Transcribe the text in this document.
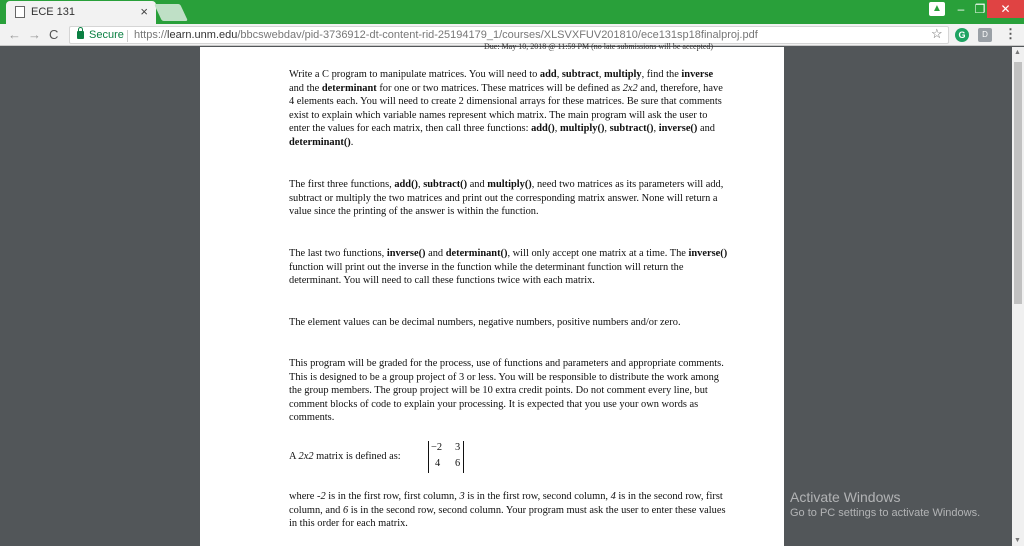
ECE 131	×	▲	– ❐	✕
← → C	Secure https://learn.unm.edu/bbcswebdav/pid-3736912-dt-content-rid-25194179_1/courses/XLSVXFUV201810/ece131sp18finalproj.pdf	☆	G	D	⋮
Due: May 10, 2018 @ 11:59 PM (no late submissions will be accepted)
Write a C program to manipulate matrices. You will need to add, subtract, multiply, find the inverse and the determinant for one or two matrices. These matrices will be defined as 2x2 and, therefore, have 4 elements each. You will need to create 2 dimensional arrays for these matrices. Be sure that comments exist to explain which variable names represent which matrix. The main program will ask the user to enter the values for each matrix, then call three functions: add(), multiply(), subtract(), inverse() and determinant().
The first three functions, add(), subtract() and multiply(), need two matrices as its parameters will add, subtract or multiply the two matrices and print out the corresponding matrix answer. None will return a value since the printing of the answer is within the function.
The last two functions, inverse() and determinant(), will only accept one matrix at a time. The inverse() function will print out the inverse in the function while the determinant function will return the determinant. You will need to call these functions twice with each matrix.
The element values can be decimal numbers, negative numbers, positive numbers and/or zero.
This program will be graded for the process, use of functions and parameters and appropriate comments. This is designed to be a group project of 3 or less. You will be responsible to distribute the work among the group members. The group project will be 10 extra credit points. Do not comment every line, but comment blocks of code to explain your processing. It is expected that you use your own words as comments.
A 2x2 matrix is defined as:
−2 3
4 6
where -2 is in the first row, first column, 3 is in the first row, second column, 4 is in the second row, first column, and 6 is in the second row, second column. Your program must ask the user to enter these values in this order for each matrix.
Activate Windows
Go to PC settings to activate Windows.
▲
▼
